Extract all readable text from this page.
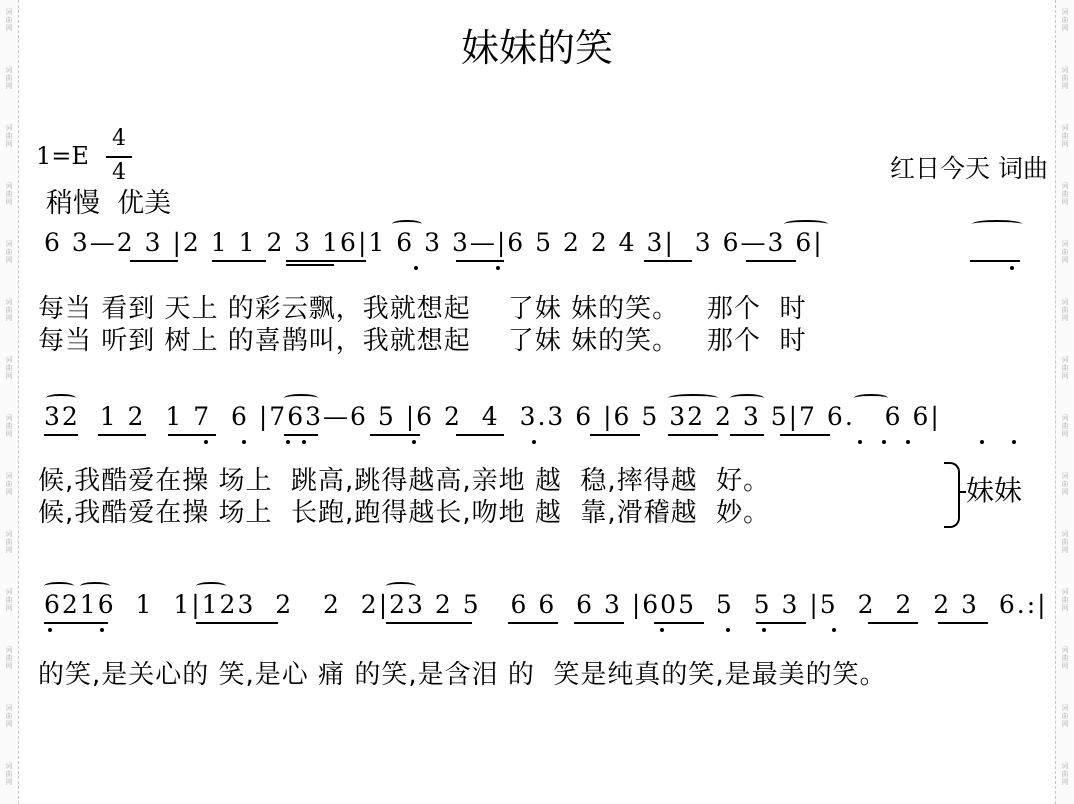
词
曲
网
词
曲
网
词
曲
网
词
曲
网
词
曲
网
词
曲
网
词
曲
网
词
曲
网
词
曲
网
词
曲
网
词
曲
网
词
曲
网
词
曲
网
词
曲
网
词
曲
网
词
曲
网
词
曲
网
词
曲
网
词
曲
网
词
曲
网
词
曲
网
词
曲
网
词
曲
网
词
曲
网
词
曲
网
词
曲
网
词
曲
网
词
曲
网
妹妹的笑
1=E
4
4	红日今天 词曲
稍慢  优美
6 3—2 3 |2 1 1 2 3 16|1 6 3 3—|6 5 2 2 4 3|  3 6—3 6|
每当 看到 天上 的彩云飘，我就想起    了妹 妹的笑。   那个  时
每当 听到 树上 的喜鹊叫，我就想起    了妹 妹的笑。   那个  时
32  1 2  1 7  6 |763—6 5 |6 2  4  3.3 6 |6 5 32 2 3 5|7 6.   6 6|
候,我酷爱在操 场上  跳高,跳得越高,亲地 越  稳,摔得越  好。
候,我酷爱在操 场上  长跑,跑得越长,吻地 越  靠,滑稽越  妙。
妹妹
6216  1  1|123  2   2  2|23 2 5   6 6  6 3 |605  5  5 3 |5  2  2  2 3  6.:|
的笑,是关心的 笑,是心 痛 的笑,是含泪 的  笑是纯真的笑,是最美的笑。
